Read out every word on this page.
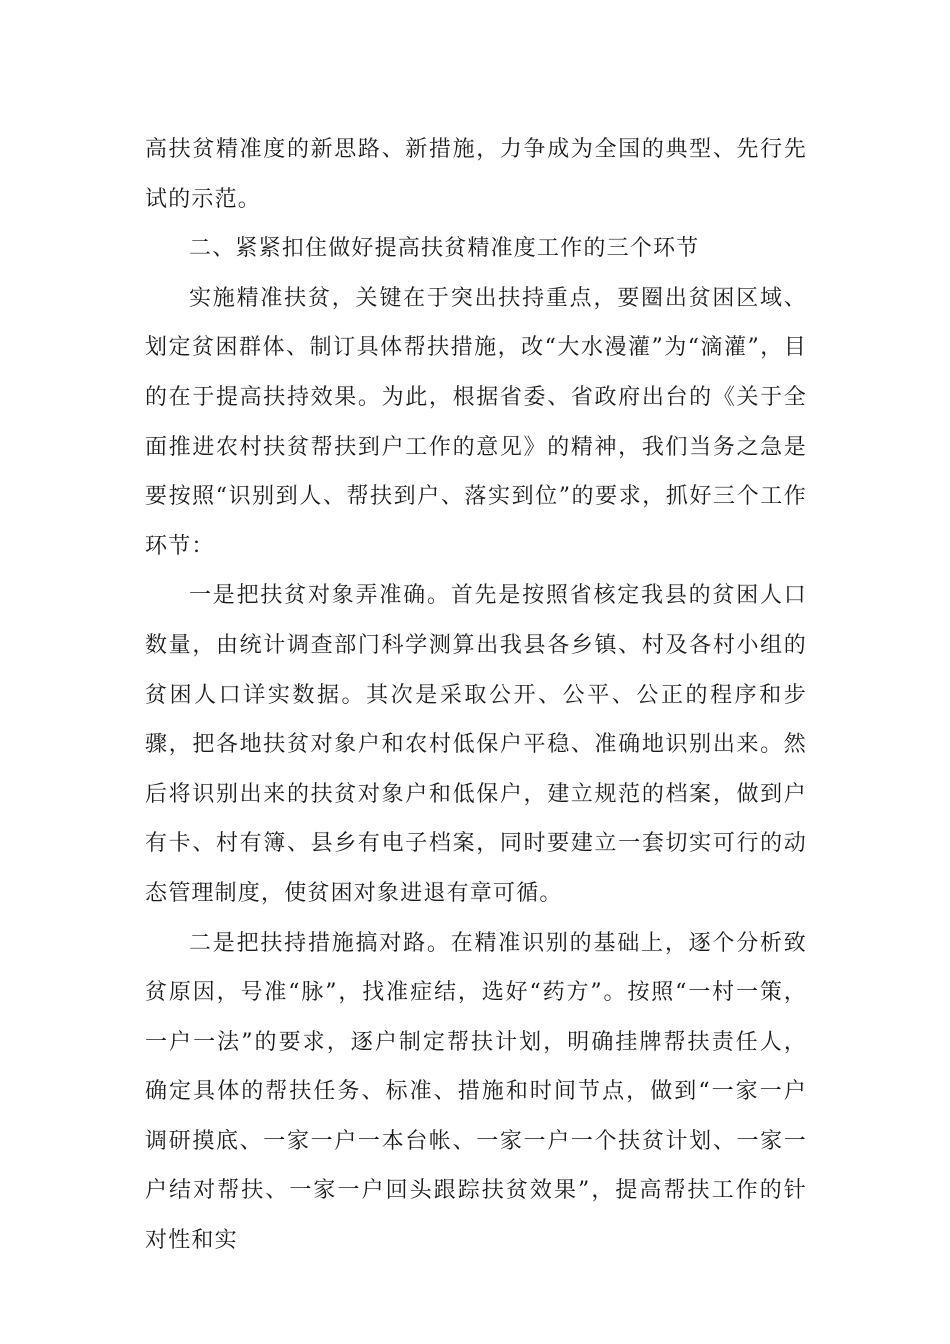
高扶贫精准度的新思路、新措施，力争成为全国的典型、先行先试的示范。

二、紧紧扣住做好提高扶贫精准度工作的三个环节

实施精准扶贫，关键在于突出扶持重点，要圈出贫困区域、划定贫困群体、制订具体帮扶措施，改“大水漫灌”为“滴灌”，目的在于提高扶持效果。为此，根据省委、省政府出台的《关于全面推进农村扶贫帮扶到户工作的意见》的精神，我们当务之急是要按照“识别到人、帮扶到户、落实到位”的要求，抓好三个工作环节：

一是把扶贫对象弄准确。首先是按照省核定我县的贫困人口数量，由统计调查部门科学测算出我县各乡镇、村及各村小组的贫困人口详实数据。其次是采取公开、公平、公正的程序和步骤，把各地扶贫对象户和农村低保户平稳、准确地识别出来。然后将识别出来的扶贫对象户和低保户，建立规范的档案，做到户有卡、村有簿、县乡有电子档案，同时要建立一套切实可行的动态管理制度，使贫困对象进退有章可循。

二是把扶持措施搞对路。在精准识别的基础上，逐个分析致贫原因，号准“脉”，找准症结，选好“药方”。按照“一村一策，一户一法”的要求，逐户制定帮扶计划，明确挂牌帮扶责任人，确定具体的帮扶任务、标准、措施和时间节点，做到“一家一户调研摸底、一家一户一本台帐、一家一户一个扶贫计划、一家一户结对帮扶、一家一户回头跟踪扶贫效果”，提高帮扶工作的针对性和实
